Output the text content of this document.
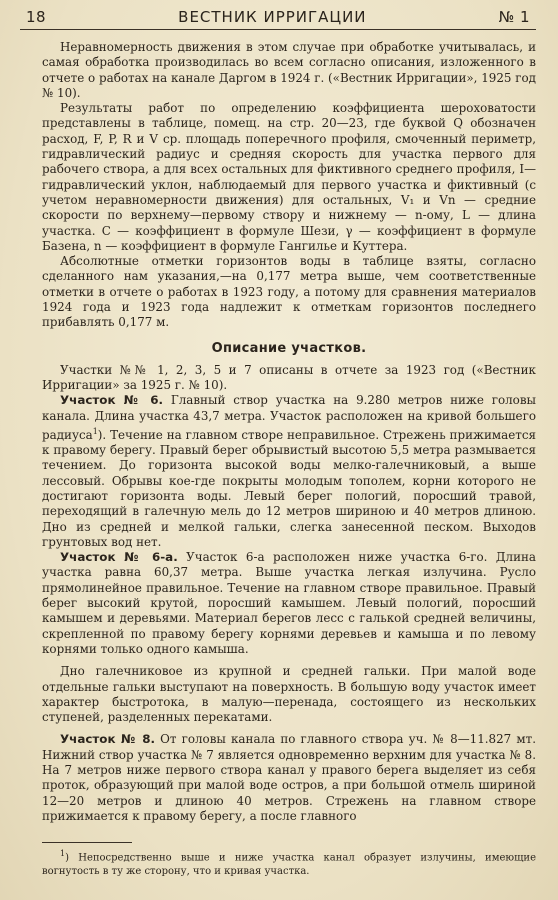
18	ВЕСТНИК ИРРИГАЦИИ	№ 1

Неравномерность движения в этом случае при обработке учитывалась, и самая обработка производилась во всем согласно описания, изложенного в отчете о работах на канале Даргом в 1924 г. («Вестник Ирригации», 1925 год № 10).

Результаты работ по определению коэффициента шероховатости представлены в таблице, помещ. на стр. 20—23, где буквой Q обозначен расход, F, P, R и V ср. площадь поперечного профиля, смоченный периметр, гидравлический радиус и средняя скорость для участка первого для рабочего створа, а для всех остальных для фиктивного среднего профиля, I—гидравлический уклон, наблюдаемый для первого участка и фиктивный (с учетом неравномерности движения) для остальных, V₁ и Vn — средние скорости по верхнему—первому створу и нижнему — n-ому, L — длина участка. C — коэффициент в формуле Шези, γ — коэффициент в формуле Базена, n — коэффициент в формуле Гангилье и Куттера.

Абсолютные отметки горизонтов воды в таблице взяты, согласно сделанного нам указания,—на 0,177 метра выше, чем соответственные отметки в отчете о работах в 1923 году, а потому для сравнения материалов 1924 года и 1923 года надлежит к отметкам горизонтов последнего прибавлять 0,177 м.

Описание участков.

Участки №№ 1, 2, 3, 5 и 7 описаны в отчете за 1923 год («Вестник Ирригации» за 1925 г. № 10).

Участок № 6. Главный створ участка на 9.280 метров ниже головы канала. Длина участка 43,7 метра. Участок расположен на кривой большего радиуса$^1$). Течение на главном створе неправильное. Стрежень прижимается к правому берегу. Правый берег обрывистый высотою 5,5 метра размывается течением. До горизонта высокой воды мелко-галечниковый, а выше лессовый. Обрывы кое-где покрыты молодым тополем, корни которого не достигают горизонта воды. Левый берег пологий, поросший травой, переходящий в галечную мель до 12 метров шириною и 40 метров длиною. Дно из средней и мелкой гальки, слегка занесенной песком. Выходов грунтовых вод нет.

Участок № 6-а. Участок 6-а расположен ниже участка 6-го. Длина участка равна 60,37 метра. Выше участка легкая излучина. Русло прямолинейное правильное. Течение на главном створе правильное. Правый берег высокий крутой, поросший камышем. Левый пологий, поросший камышем и деревьями. Материал берегов лесс с галькой средней величины, скрепленной по правому берегу корнями деревьев и камыша и по левому корнями только одного камыша.

Дно галечниковое из крупной и средней гальки. При малой воде отдельные гальки выступают на поверхность. В большую воду участок имеет характер быстротока, в малую—перенада, состоящего из нескольких ступеней, разделенных перекатами.

Участок № 8. От головы канала по главного створа уч. № 8—11.827 мт. Нижний створ участка № 7 является одновременно верхним для участка № 8. На 7 метров ниже первого створа канал у правого берега выделяет из себя проток, образующий при малой воде остров, а при большой отмель шириной 12—20 метров и длиною 40 метров. Стрежень на главном створе прижимается к правому берегу, а после главного

$^1$) Непосредственно выше и ниже участка канал образует излучины, имеющие вогнутость в ту же сторону, что и кривая участка.
